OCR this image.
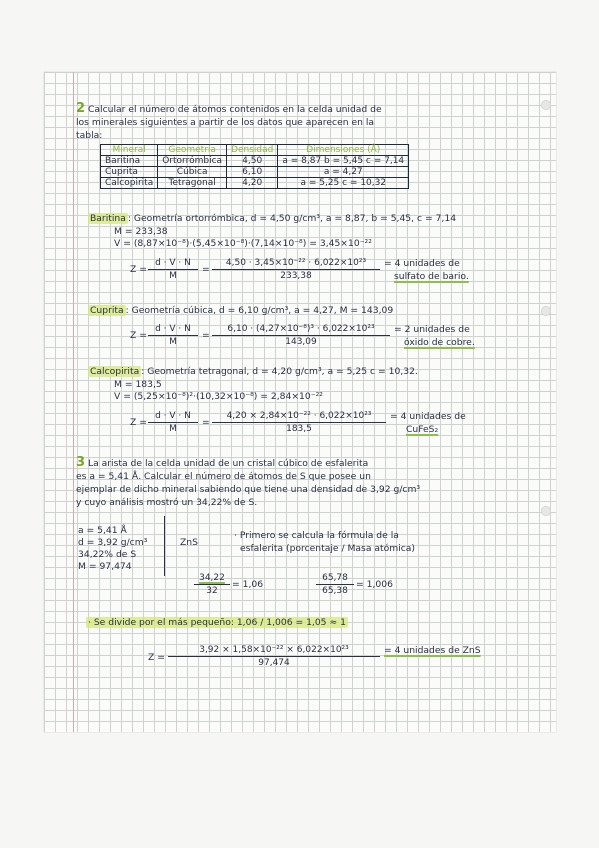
2 Calcular el número de átomos contenidos en la celda unidad de
los minerales siguientes a partir de los datos que aparecen en la
tabla:
Mineral	Geometría	Densidad	Dimensiones (Å)
Baritina	Ortorrómbica	4,50	a = 8,87 b = 5,45 c = 7,14
Cuprita	Cúbica	6,10	a = 4,27
Calcopirita	Tetragonal	4,20	a = 5,25 c = 10,32
Baritina : Geometría ortorrómbica, d = 4,50 g/cm³, a = 8,87, b = 5,45, c = 7,14
M = 233,38
V = (8,87×10⁻⁸)·(5,45×10⁻⁸)·(7,14×10⁻⁸) = 3,45×10⁻²²
$Z = \frac{d \cdot V \cdot N}{M} = \frac{\text{4,50 · 3,45×10⁻²² · 6,022×10²³}}{233,38} = 4$ unidades de
sulfato de bario.
Cuprita : Geometría cúbica, d = 6,10 g/cm³, a = 4,27, M = 143,09
$Z = \frac{d \cdot V \cdot N}{M} = \frac{\text{6,10 · (4,27×10⁻⁸)³ · 6,022×10²³}}{143,09} = 2$ unidades de
óxido de cobre.
Calcopirita : Geometría tetragonal, d = 4,20 g/cm³, a = 5,25 c = 10,32.
M = 183,5
V = (5,25×10⁻⁸)²·(10,32×10⁻⁸) = 2,84×10⁻²²
$Z = \frac{d \cdot V \cdot N}{M} = \frac{\text{4,20 × 2,84×10⁻²² · 6,022×10²³}}{183,5} = 4$ unidades de
CuFeS₂
3 La arista de la celda unidad de un cristal cúbico de esfalerita
es a = 5,41 Å. Calcular el número de átomos de S que posee un
ejemplar de dicho mineral sabiendo que tiene una densidad de 3,92 g/cm³
y cuyo análisis mostró un 34,22% de S.
a = 5,41 Å
d = 3,92 g/cm³
34,22% de S
M = 97,474
ZnS
· Primero se calcula la fórmula de la
esfalerita (porcentaje / Masa atómica)
$\frac{34,22}{32} = 1,06$	$\frac{65,78}{65,38} = 1,006$
· Se divide por el más pequeño: 1,06 / 1,006 = 1,05 ≈ 1
$Z = \frac{\text{3,92 × 1,58×10⁻²² × 6,022×10²³}}{97,474} = 4$ unidades de ZnS
